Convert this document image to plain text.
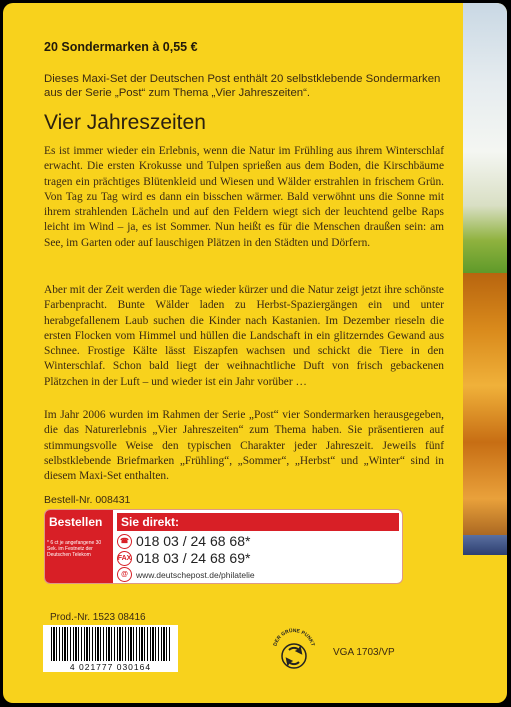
20 Sondermarken à 0,55 €
Dieses Maxi-Set der Deutschen Post enthält 20 selbstklebende Sondermarken aus der Serie „Post“ zum Thema „Vier Jahreszeiten“.
Vier Jahreszeiten
Es ist immer wieder ein Erlebnis, wenn die Natur im Frühling aus ihrem Winterschlaf erwacht. Die ersten Krokusse und Tulpen sprießen aus dem Boden, die Kirschbäume tragen ein prächtiges Blütenkleid und Wiesen und Wälder erstrahlen in frischem Grün. Von Tag zu Tag wird es dann ein bisschen wärmer. Bald verwöhnt uns die Sonne mit ihrem strahlenden Lächeln und auf den Feldern wiegt sich der leuchtend gelbe Raps leicht im Wind – ja, es ist Sommer. Nun heißt es für die Menschen draußen sein: am See, im Garten oder auf lauschigen Plätzen in den Städten und Dörfern.
Aber mit der Zeit werden die Tage wieder kürzer und die Natur zeigt jetzt ihre schönste Farbenpracht. Bunte Wälder laden zu Herbst-Spaziergängen ein und unter herabgefallenem Laub suchen die Kinder nach Kastanien. Im Dezember rieseln die ersten Flocken vom Himmel und hüllen die Landschaft in ein glitzerndes Gewand aus Schnee. Frostige Kälte lässt Eiszapfen wachsen und schickt die Tiere in den Winterschlaf. Schon bald liegt der weihnachtliche Duft von frisch gebackenen Plätzchen in der Luft – und wieder ist ein Jahr vorüber …
Im Jahr 2006 wurden im Rahmen der Serie „Post“ vier Sondermarken herausgegeben, die das Naturerlebnis „Vier Jahreszeiten“ zum Thema haben. Sie präsentieren auf stimmungsvolle Weise den typischen Charakter jeder Jahreszeit. Jeweils fünf selbstklebende Briefmarken „Frühling“, „Sommer“, „Herbst“ und „Winter“ sind in diesem Maxi-Set enthalten.
Bestell-Nr. 008431
Bestellen
* 6 ct je angefangene 30 Sek. im Festnetz der Deutschen Telekom
Sie direkt:
☎ 018 03 / 24 68 68*
FAX 018 03 / 24 68 69*
@ www.deutschepost.de/philatelie
Prod.-Nr. 1523 08416
4 021777 030164
DER GRÜNE PUNKT
VGA 1703/VP
